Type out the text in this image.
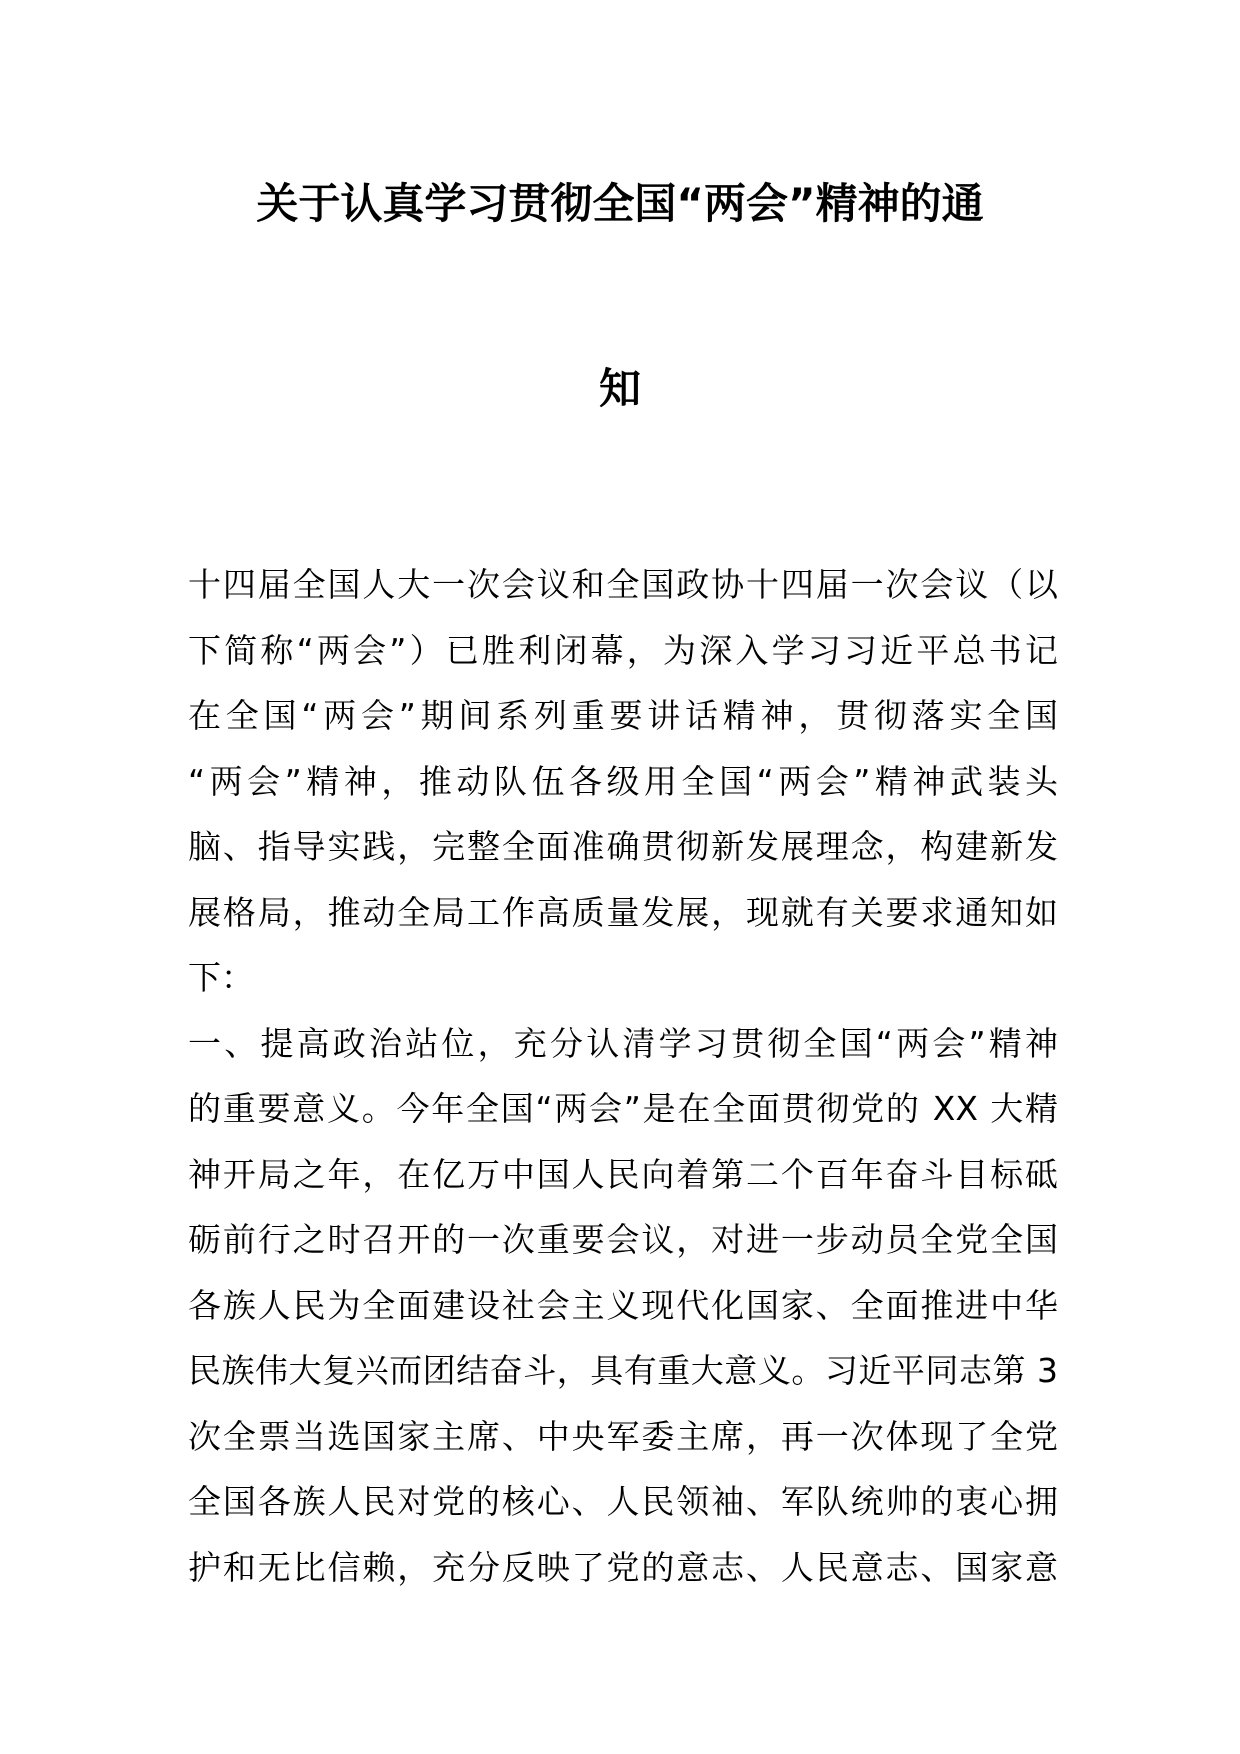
关于认真学习贯彻全国“两会”精神的通
知
十四届全国人大一次会议和全国政协十四届一次会议（以
下简称“两会”）已胜利闭幕，为深入学习习近平总书记
在全国“两会”期间系列重要讲话精神，贯彻落实全国
“两会”精神，推动队伍各级用全国“两会”精神武装头
脑、指导实践，完整全面准确贯彻新发展理念，构建新发
展格局，推动全局工作高质量发展，现就有关要求通知如
下：
一、提高政治站位，充分认清学习贯彻全国“两会”精神
的重要意义。今年全国“两会”是在全面贯彻党的 XX 大精
神开局之年，在亿万中国人民向着第二个百年奋斗目标砥
砺前行之时召开的一次重要会议，对进一步动员全党全国
各族人民为全面建设社会主义现代化国家、全面推进中华
民族伟大复兴而团结奋斗，具有重大意义。习近平同志第 3
次全票当选国家主席、中央军委主席，再一次体现了全党
全国各族人民对党的核心、人民领袖、军队统帅的衷心拥
护和无比信赖，充分反映了党的意志、人民意志、国家意
